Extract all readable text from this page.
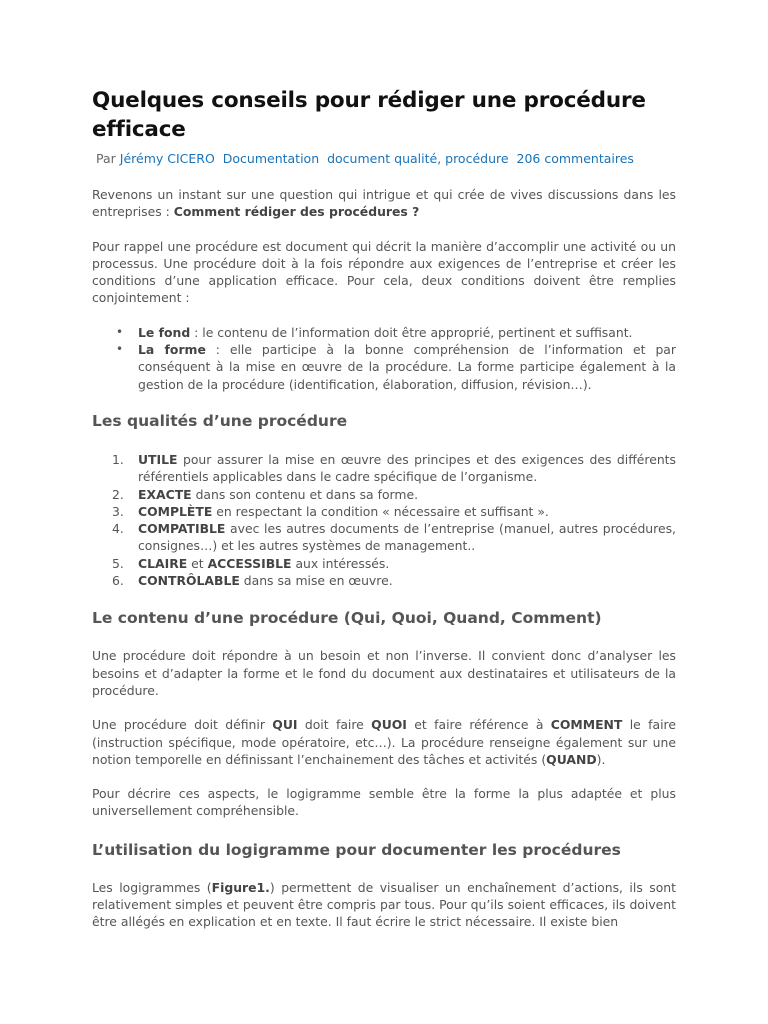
Quelques conseils pour rédiger une procédure efficace
Par Jérémy CICERO Documentation document qualité, procédure 206 commentaires

Revenons un instant sur une question qui intrigue et qui crée de vives discussions dans les entreprises : Comment rédiger des procédures ?

Pour rappel une procédure est document qui décrit la manière d’accomplir une activité ou un processus. Une procédure doit à la fois répondre aux exigences de l’entreprise et créer les conditions d’une application efficace. Pour cela, deux conditions doivent être remplies conjointement :

• Le fond : le contenu de l’information doit être approprié, pertinent et suffisant.
• La forme : elle participe à la bonne compréhension de l’information et par conséquent à la mise en œuvre de la procédure. La forme participe également à la gestion de la procédure (identification, élaboration, diffusion, révision…).
Les qualités d’une procédure
1. UTILE pour assurer la mise en œuvre des principes et des exigences des différents référentiels applicables dans le cadre spécifique de l’organisme.
2. EXACTE dans son contenu et dans sa forme.
3. COMPLÈTE en respectant la condition « nécessaire et suffisant ».
4. COMPATIBLE avec les autres documents de l’entreprise (manuel, autres procédures, consignes…) et les autres systèmes de management..
5. CLAIRE et ACCESSIBLE aux intéressés.
6. CONTRÔLABLE dans sa mise en œuvre.
Le contenu d’une procédure (Qui, Quoi, Quand, Comment)

Une procédure doit répondre à un besoin et non l’inverse. Il convient donc d’analyser les besoins et d’adapter la forme et le fond du document aux destinataires et utilisateurs de la procédure.

Une procédure doit définir QUI doit faire QUOI et faire référence à COMMENT le faire (instruction spécifique, mode opératoire, etc…). La procédure renseigne également sur une notion temporelle en définissant l’enchainement des tâches et activités (QUAND).

Pour décrire ces aspects, le logigramme semble être la forme la plus adaptée et plus universellement compréhensible.

L’utilisation du logigramme pour documenter les procédures

Les logigrammes (Figure1.) permettent de visualiser un enchaînement d’actions, ils sont relativement simples et peuvent être compris par tous. Pour qu’ils soient efficaces, ils doivent être allégés en explication et en texte. Il faut écrire le strict nécessaire. Il existe bien
